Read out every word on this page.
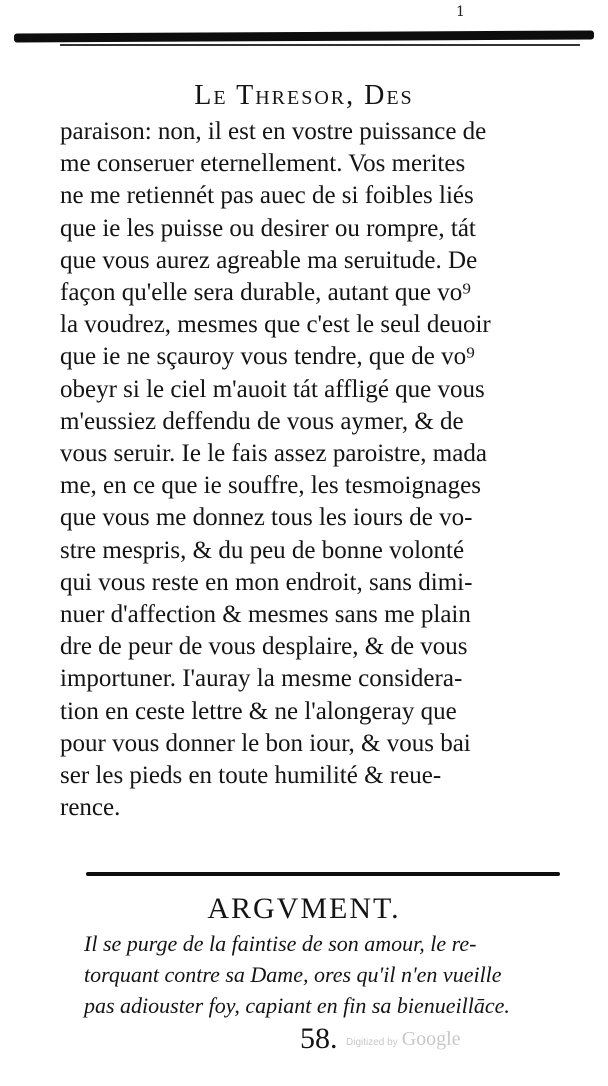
1
Le Thresor, Des
paraison: non, il est en vostre puissance de
me conseruer eternellement. Vos merites
ne me retiennét pas auec de si foibles liés
que ie les puisse ou desirer ou rompre, tát
que vous aurez agreable ma seruitude. De
façon qu'elle sera durable, autant que vo⁹
la voudrez, mesmes que c'est le seul deuoir
que ie ne sçauroy vous tendre, que de vo⁹
obeyr si le ciel m'auoit tát affligé que vous
m'eussiez deffendu de vous aymer, & de
vous seruir. Ie le fais assez paroistre, mada
me, en ce que ie souffre, les tesmoignages
que vous me donnez tous les iours de vo-
stre mespris, & du peu de bonne volonté
qui vous reste en mon endroit, sans dimi-
nuer d'affection & mesmes sans me plain
dre de peur de vous desplaire, & de vous
importuner. I'auray la mesme considera-
tion en ceste lettre & ne l'alongeray que
pour vous donner le bon iour, & vous bai
ser les pieds en toute humilité & reue-
rence.
ARGVMENT.
Il se purge de la faintise de son amour, le re-
torquant contre sa Dame, ores qu'il n'en vueille
pas adiouster foy, capiant en fin sa bienueillāce.
58. Digitized by Google
